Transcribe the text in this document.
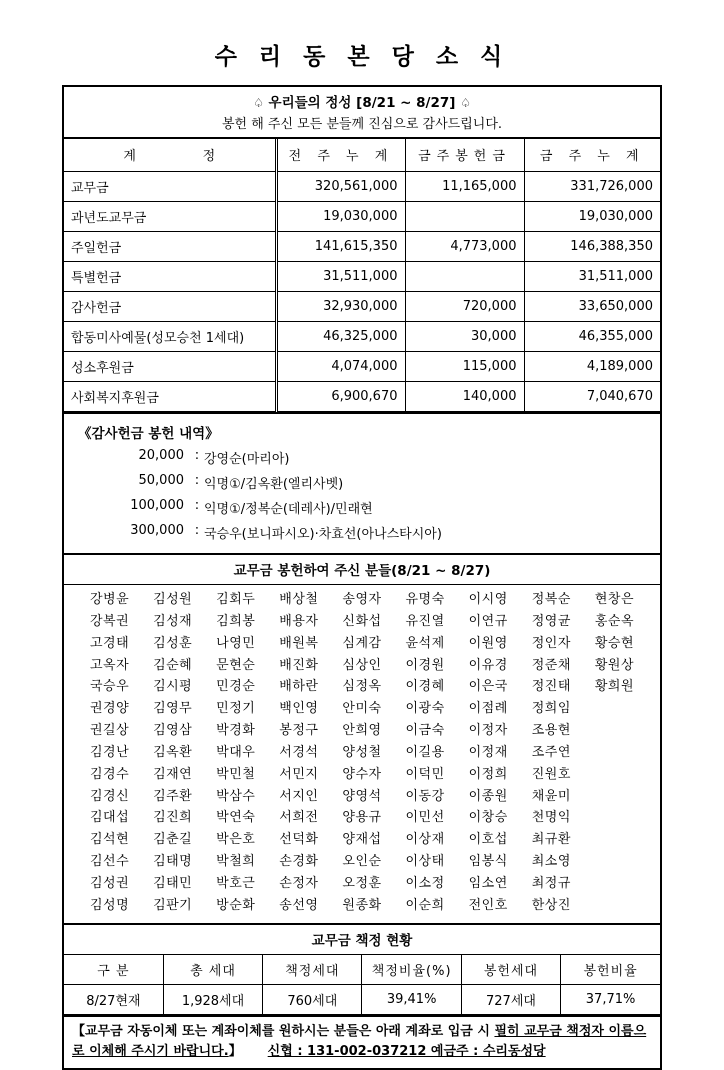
수 리 동 본 당 소 식
♤ 우리들의 정성 [8/21 ~ 8/27] ♤
봉헌 해 주신 모든 분들께 진심으로 감사드립니다.
계 정	전 주 누 계	금주봉헌금	금 주 누 계
교무금	320,561,000	11,165,000	331,726,000
과년도교무금	19,030,000		19,030,000
주일헌금	141,615,350	4,773,000	146,388,350
특별헌금	31,511,000		31,511,000
감사헌금	32,930,000	720,000	33,650,000
합동미사예물(성모승천 1세대)	46,325,000	30,000	46,355,000
성소후원금	4,074,000	115,000	4,189,000
사회복지후원금	6,900,670	140,000	7,040,670
《감사헌금 봉헌 내역》
20,000 : 강영순(마리아)
50,000 : 익명①/김옥환(엘리사벳)
100,000 : 익명①/정복순(데레사)/민래현
300,000 : 국승우(보니파시오)·차효선(아나스타시아)
교무금 봉헌하여 주신 분들(8/21 ~ 8/27)
강병윤	김성원	김회두	배상철	송영자	유명숙	이시영	정복순	현창은
강복권	김성재	김희봉	배용자	신화섭	유진열	이연규	정영균	홍순옥
고경태	김성훈	나영민	배원복	심계감	윤석제	이원영	정인자	황승현
고옥자	김순혜	문현순	배진화	심상인	이경원	이유경	정준채	황원상
국승우	김시평	민경순	배하란	심정옥	이경혜	이은국	정진태	황희원
권경양	김영무	민정기	백인영	안미숙	이광숙	이점례	정희임
권길상	김영삼	박경화	봉정구	안희영	이금숙	이정자	조용현
김경난	김옥환	박대우	서경석	양성철	이길용	이정재	조주연
김경수	김재연	박민철	서민지	양수자	이덕민	이정희	진원호
김경신	김주환	박삼수	서지인	양영석	이동강	이종원	채윤미
김대섭	김진희	박연숙	서희전	양용규	이민선	이창승	천명익
김석현	김춘길	박은호	선덕화	양재섭	이상재	이호섭	최규환
김선수	김태명	박철희	손경화	오인순	이상태	임봉식	최소영
김성권	김태민	박호근	손정자	오정훈	이소정	임소연	최정규
김성명	김판기	방순화	송선영	원종화	이순희	전인호	한상진
교무금 책정 현황
구 분	총 세대	책정세대	책정비율(%)	봉헌세대	봉헌비율
8/27현재	1,928세대	760세대	39,41%	727세대	37,71%
【교무금 자동이체 또는 계좌이체를 원하시는 분들은 아래 계좌로 입금 시 필히 교무금 책정자 이름으로 이체해 주시기 바랍니다.】 신협 : 131-002-037212 예금주 : 수리동성당
